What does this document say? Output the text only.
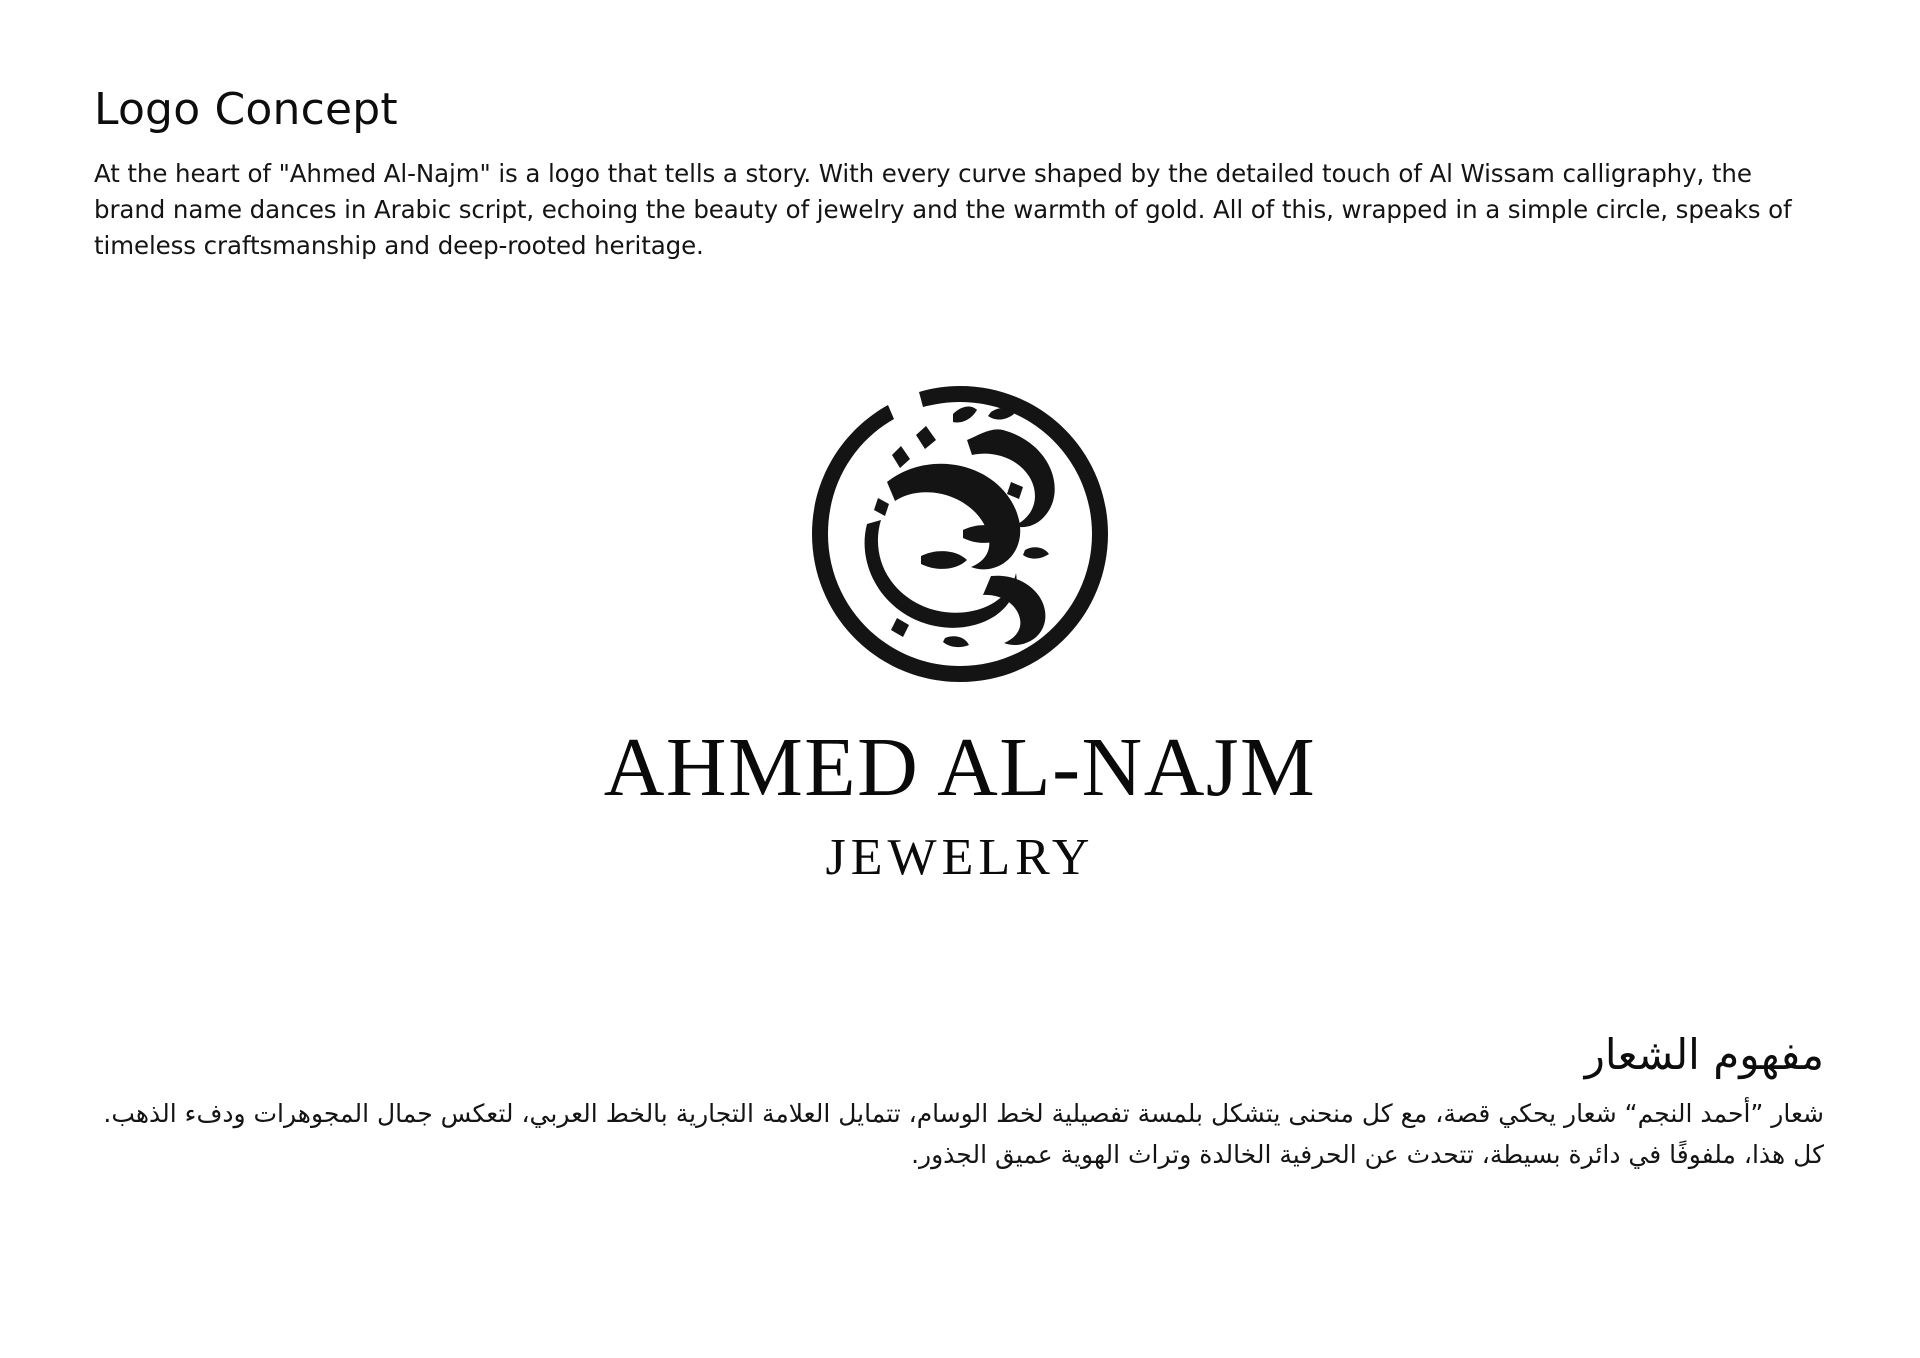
Logo Concept

At the heart of "Ahmed Al-Najm" is a logo that tells a story. With every curve shaped by the detailed touch of Al Wissam calligraphy, the brand name dances in Arabic script, echoing the beauty of jewelry and the warmth of gold. All of this, wrapped in a simple circle, speaks of timeless craftsmanship and deep-rooted heritage.

AHMED AL-NAJM
JEWELRY
مفهوم الشعار

شعار ”أحمد النجم“ شعار يحكي قصة، مع كل منحنى يتشكل بلمسة تفصيلية لخط الوسام، تتمايل العلامة التجارية بالخط العربي، لتعكس جمال المجوهرات ودفء الذهب. كل هذا، ملفوفًا في دائرة بسيطة، تتحدث عن الحرفية الخالدة وتراث الهوية عميق الجذور.
